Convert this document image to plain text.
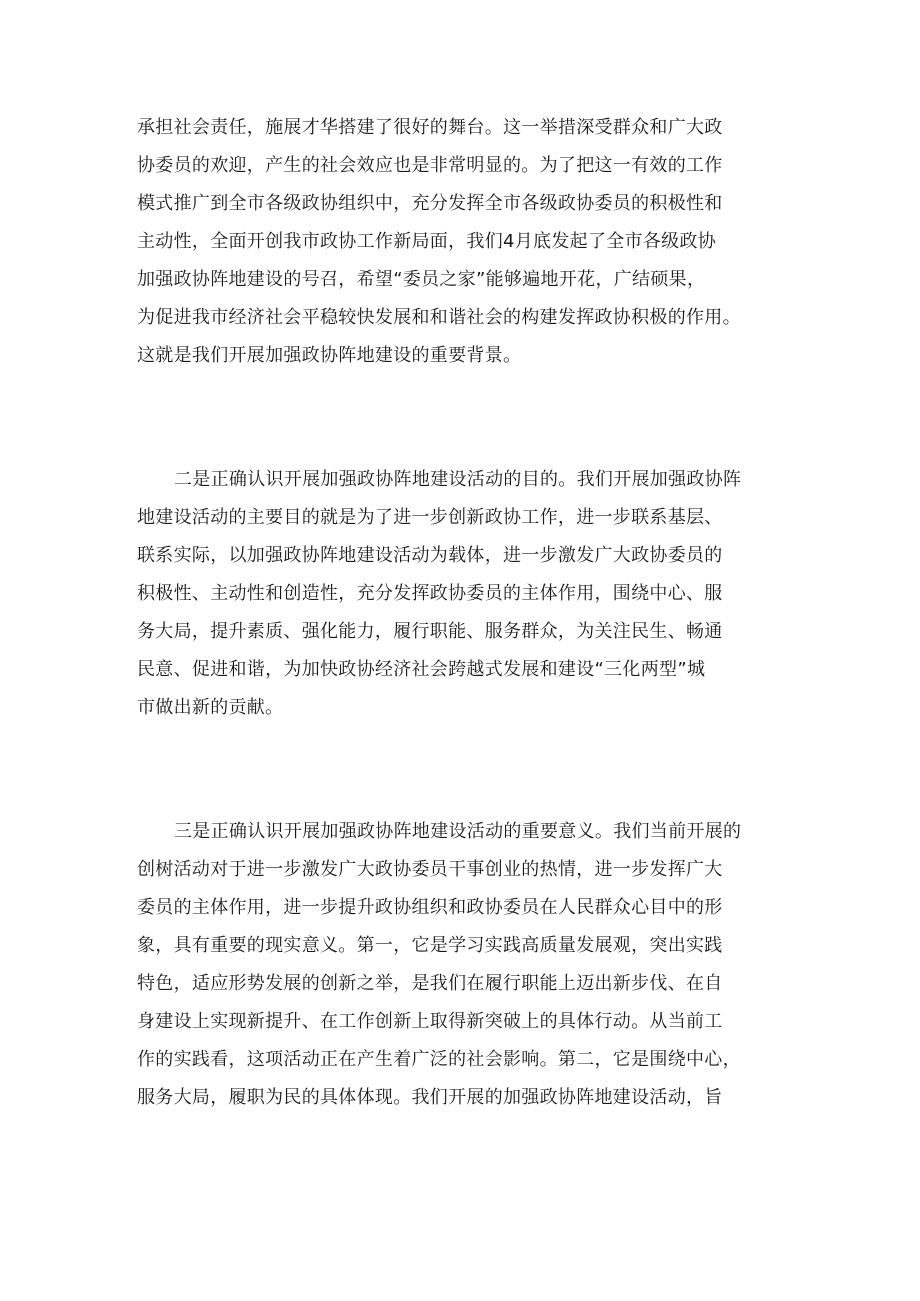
承担社会责任，施展才华搭建了很好的舞台。这一举措深受群众和广大政
协委员的欢迎，产生的社会效应也是非常明显的。为了把这一有效的工作
模式推广到全市各级政协组织中，充分发挥全市各级政协委员的积极性和
主动性，全面开创我市政协工作新局面，我们4月底发起了全市各级政协
加强政协阵地建设的号召，希望“委员之家”能够遍地开花，广结硕果，
为促进我市经济社会平稳较快发展和和谐社会的构建发挥政协积极的作用。
这就是我们开展加强政协阵地建设的重要背景。
二是正确认识开展加强政协阵地建设活动的目的。我们开展加强政协阵
地建设活动的主要目的就是为了进一步创新政协工作，进一步联系基层、
联系实际，以加强政协阵地建设活动为载体，进一步激发广大政协委员的
积极性、主动性和创造性，充分发挥政协委员的主体作用，围绕中心、服
务大局，提升素质、强化能力，履行职能、服务群众，为关注民生、畅通
民意、促进和谐，为加快政协经济社会跨越式发展和建设“三化两型”城
市做出新的贡献。
三是正确认识开展加强政协阵地建设活动的重要意义。我们当前开展的
创树活动对于进一步激发广大政协委员干事创业的热情，进一步发挥广大
委员的主体作用，进一步提升政协组织和政协委员在人民群众心目中的形
象，具有重要的现实意义。第一，它是学习实践高质量发展观，突出实践
特色，适应形势发展的创新之举，是我们在履行职能上迈出新步伐、在自
身建设上实现新提升、在工作创新上取得新突破上的具体行动。从当前工
作的实践看，这项活动正在产生着广泛的社会影响。第二，它是围绕中心，
服务大局，履职为民的具体体现。我们开展的加强政协阵地建设活动，旨
